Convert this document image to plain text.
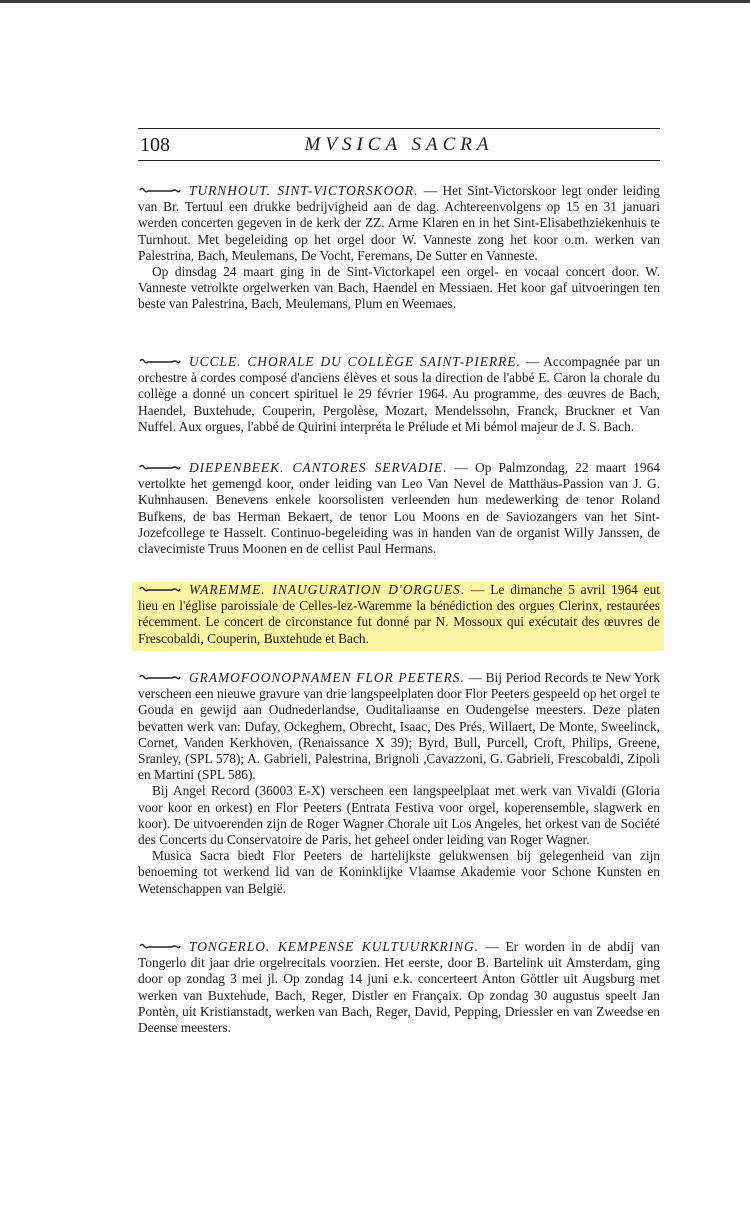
108	MVSICA SACRA

TURNHOUT. SINT-VICTORSKOOR. — Het Sint-Victorskoor legt onder leiding van Br. Tertuul een drukke bedrijvigheid aan de dag. Achtereenvolgens op 15 en 31 januari werden concerten gegeven in de kerk der ZZ. Arme Klaren en in het Sint-Elisabethziekenhuis te Turnhout. Met begeleiding op het orgel door W. Vanneste zong het koor o.m. werken van Palestrina, Bach, Meulemans, De Vocht, Feremans, De Sutter en Vanneste.

Op dinsdag 24 maart ging in de Sint-Victorkapel een orgel- en vocaal concert door. W. Vanneste vetrolkte orgelwerken van Bach, Haendel en Messiaen. Het koor gaf uitvoeringen ten beste van Palestrina, Bach, Meulemans, Plum en Weemaes.

UCCLE. CHORALE DU COLLÈGE SAINT-PIERRE. — Accompagnée par un orchestre à cordes composé d'anciens élèves et sous la direction de l'abbé E. Caron la chorale du collège a donné un concert spirituel le 29 février 1964. Au programme, des œuvres de Bach, Haendel, Buxtehude, Couperin, Pergolèse, Mozart, Mendelssohn, Franck, Bruckner et Van Nuffel. Aux orgues, l'abbé de Quirini interpréta le Prélude et Mi bémol majeur de J. S. Bach.

DIEPENBEEK. CANTORES SERVADIE. — Op Palmzondag, 22 maart 1964 vertolkte het gemengd koor, onder leiding van Leo Van Nevel de Matthäus-Passion van J. G. Kuhnhausen. Benevens enkele koorsolisten verleenden hun medewerking de tenor Roland Bufkens, de bas Herman Bekaert, de tenor Lou Moons en de Saviozangers van het Sint-Jozefcollege te Hasselt. Continuo-begeleiding was in handen van de organist Willy Janssen, de clavecimiste Truus Moonen en de cellist Paul Hermans.

WAREMME. INAUGURATION D'ORGUES. — Le dimanche 5 avril 1964 eut lieu en l'église paroissiale de Celles-lez-Waremme la bénédiction des orgues Clerinx, restaurées récemment. Le concert de circonstance fut donné par N. Mossoux qui exécutait des œuvres de Frescobaldi, Couperin, Buxtehude et Bach.

GRAMOFOONOPNAMEN FLOR PEETERS. — Bij Period Records te New York verscheen een nieuwe gravure van drie langspeelplaten door Flor Peeters gespeeld op het orgel te Gouda en gewijd aan Oudnederlandse, Ouditaliaanse en Oudengelse meesters. Deze platen bevatten werk van: Dufay, Ockeghem, Obrecht, Isaac, Des Prés, Willaert, De Monte, Sweelinck, Cornet, Vanden Kerkhoven, (Renaissance X 39); Byrd, Bull, Purcell, Croft, Philips, Greene, Sranley, (SPL 578); A. Gabrieli, Palestrina, Brignoli ,Cavazzoni, G. Gabrieli, Frescobaldi, Zipoli en Martini (SPL 586).

Bij Angel Record (36003 E-X) verscheen een langspeelplaat met werk van Vivaldi (Gloria voor koor en orkest) en Flor Peeters (Entrata Festiva voor orgel, koperensemble, slagwerk en koor). De uitvoerenden zijn de Roger Wagner Chorale uit Los Angeles, het orkest van de Société des Concerts du Conservatoire de Paris, het geheel onder leiding van Roger Wagner.

Musica Sacra biedt Flor Peeters de hartelijkste gelukwensen bij gelegenheid van zijn benoeming tot werkend lid van de Koninklijke Vlaamse Akademie voor Schone Kunsten en Wetenschappen van België.

TONGERLO. KEMPENSE KULTUURKRING. — Er worden in de abdij van Tongerlo dit jaar drie orgelrecitals voorzien. Het eerste, door B. Bartelink uit Amsterdam, ging door op zondag 3 mei jl. Op zondag 14 juni e.k. concerteert Anton Göttler uit Augsburg met werken van Buxtehude, Bach, Reger, Distler en Françaix. Op zondag 30 augustus speelt Jan Pontèn, uit Kristianstadt, werken van Bach, Reger, David, Pepping, Driessler en van Zweedse en Deense meesters.
